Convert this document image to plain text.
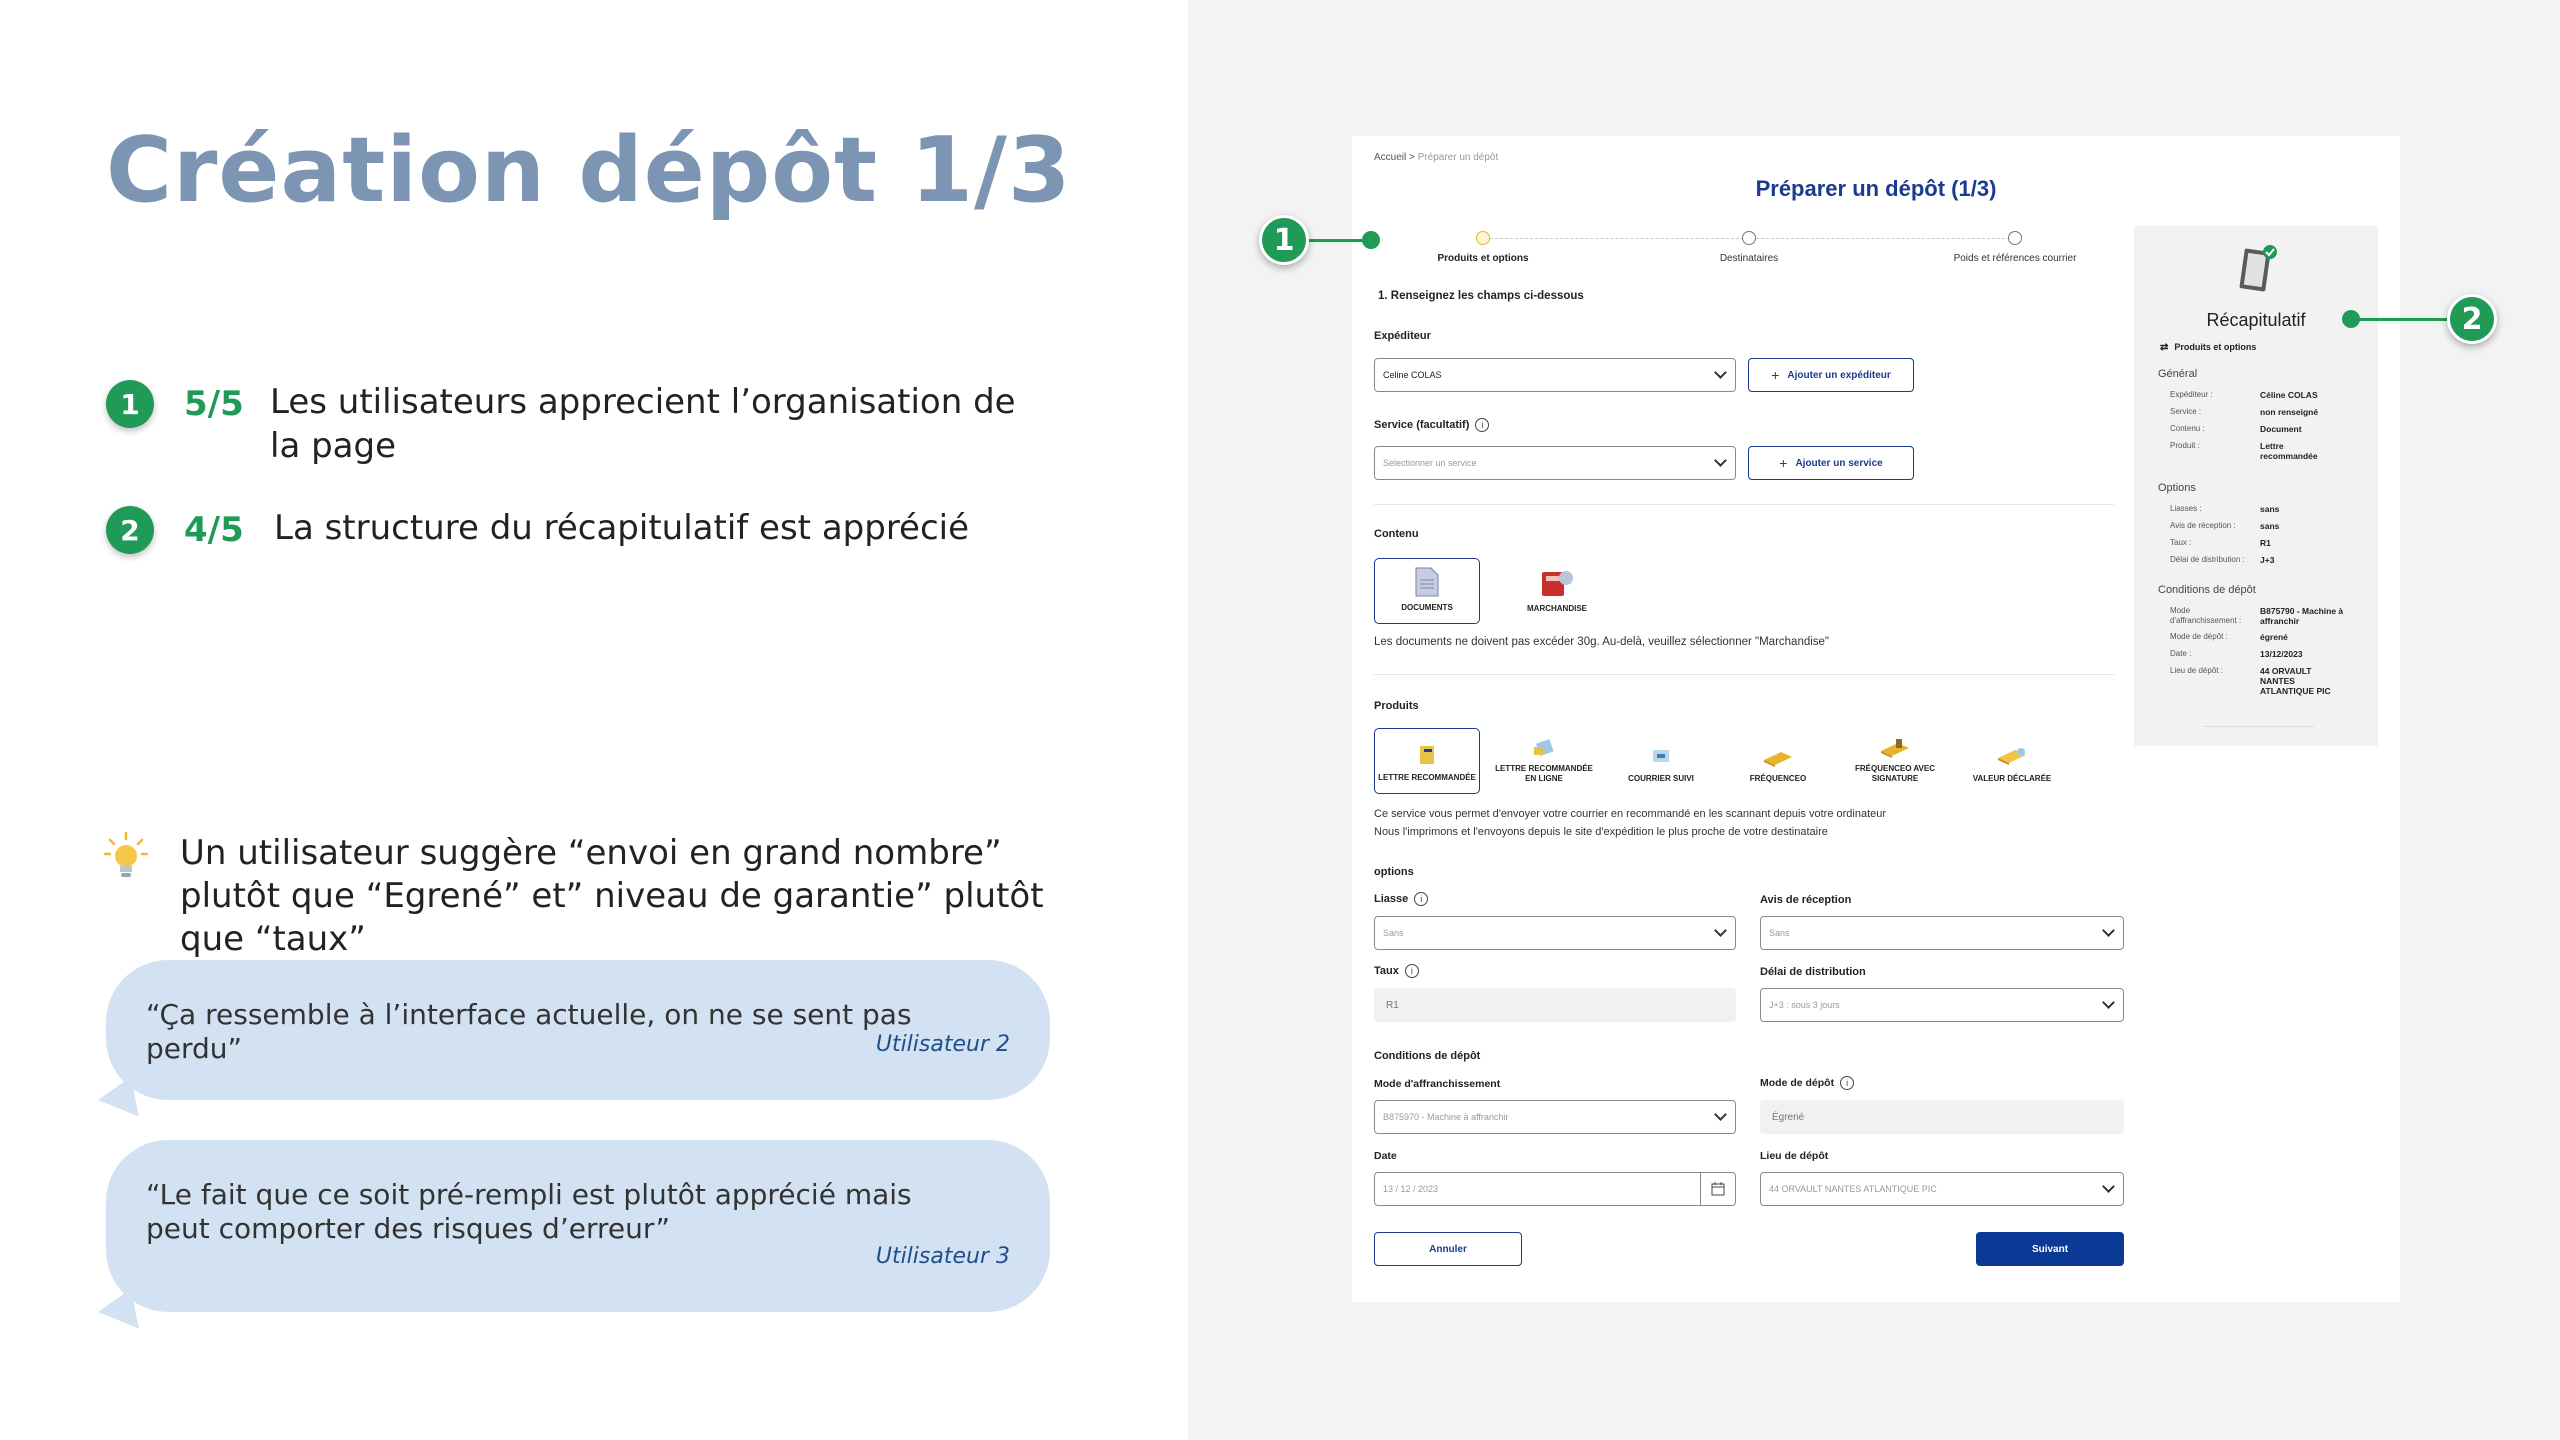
Création dépôt 1/3
1	5/5 Les utilisateurs apprecient l’organisation de la page
2	4/5 La structure du récapitulatif est apprécié
Un utilisateur suggère “envoi en grand nombre” plutôt que “Egrené” et” niveau de garantie” plutôt que “taux”
“Ça ressemble à l’interface actuelle, on ne se sent pas perdu”	Utilisateur 2
“Le fait que ce soit pré-rempli est plutôt apprécié mais peut comporter des risques d’erreur”
Utilisateur 3
Accueil > Préparer un dépôt
Préparer un dépôt (1/3)
Produits et options	Destinataires	Poids et références courrier
1. Renseignez les champs ci-dessous
Expéditeur
Celine COLAS	+ Ajouter un expéditeur
Service (facultatif) i
Selectionner un service	+ Ajouter un service
Contenu
DOCUMENTS	MARCHANDISE
Les documents ne doivent pas excéder 30g. Au-delà, veuillez sélectionner "Marchandise"
Produits
LETTRE RECOMMANDÉE
LETTRE RECOMMANDÉE EN LIGNE	COURRIER SUIVI	FRÉQUENCEO
FRÉQUENCEO AVEC SIGNATURE	VALEUR DÉCLARÉE
Ce service vous permet d'envoyer votre courrier en recommandé en les scannant depuis votre ordinateur
Nous l'imprimons et l'envoyons depuis le site d'expédition le plus proche de votre destinataire
options
Liasse i
Sans
Avis de réception
Sans
Taux i
R1
Délai de distribution
J+3 : sous 3 jours
Conditions de dépôt
Mode d'affranchissement
B875970 - Machine à affranchir
Mode de dépôt i
Égrené
Date
13 / 12 / 2023
Lieu de dépôt
44 ORVAULT NANTES ATLANTIQUE PIC
Annuler	Suivant
Récapitulatif
⇄ Produits et options
Général
Expéditeur :	Céline COLAS
Service :	non renseigné
Contenu :	Document
Produit :	Lettre recommandée
Options
Liasses :	sans
Avis de réception :	sans
Taux :	R1
Délai de distribution : J+3
Conditions de dépôt
Mode d'affranchissement :
B875790 - Machine à affranchir
Mode de dépôt :	égrené
Date :	13/12/2023
Lieu de dépôt :	44 ORVAULT NANTES ATLANTIQUE PIC
1
2
